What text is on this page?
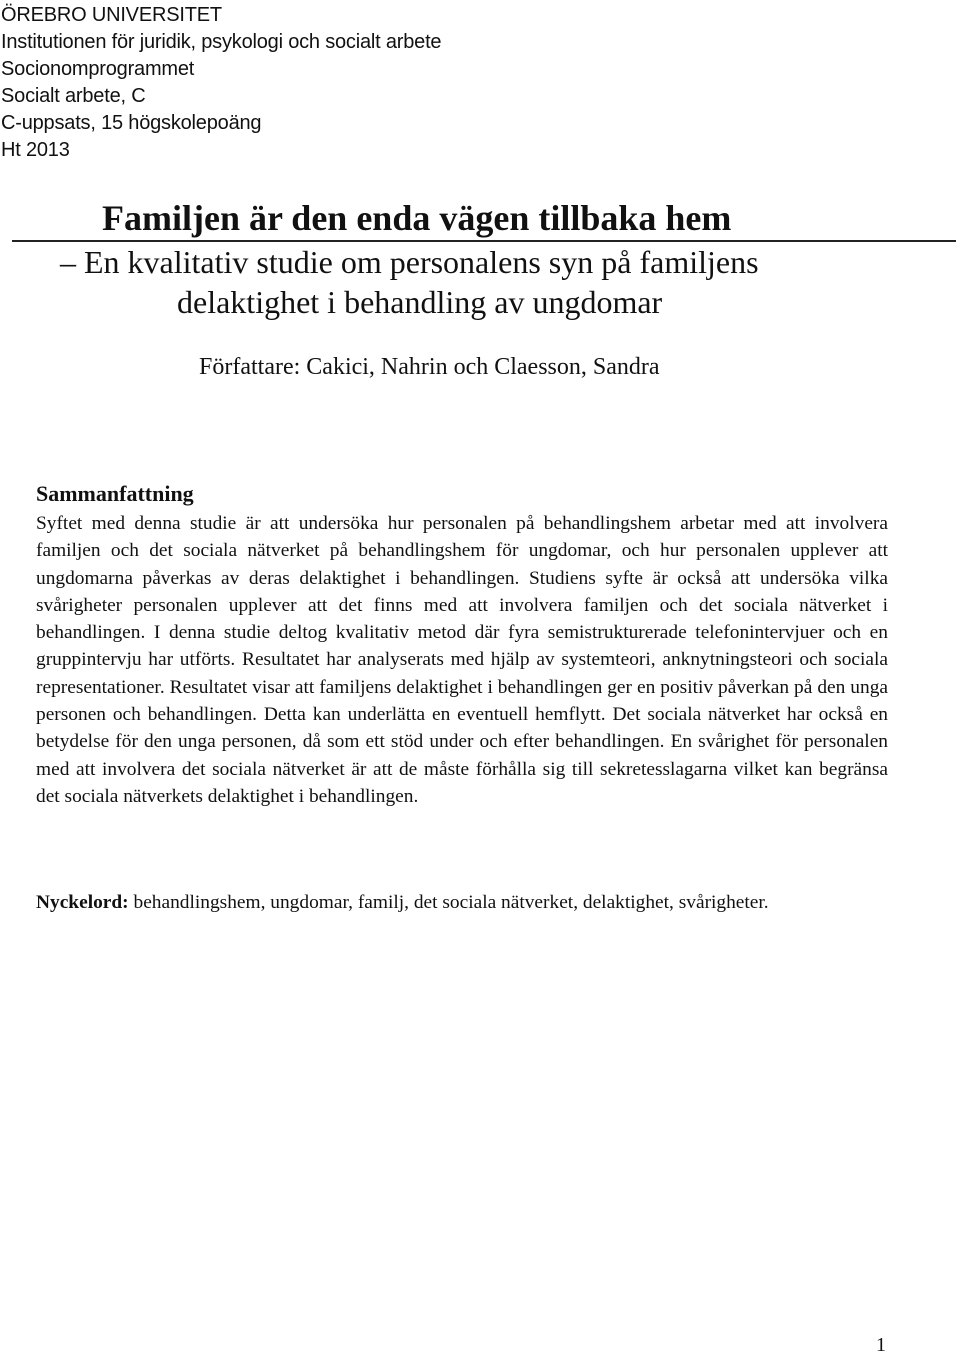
ÖREBRO UNIVERSITET
Institutionen för juridik, psykologi och socialt arbete
Socionomprogrammet
Socialt arbete, C
C-uppsats, 15 högskolepoäng
Ht 2013
Familjen är den enda vägen tillbaka hem
– En kvalitativ studie om personalens syn på familjens
delaktighet i behandling av ungdomar
Författare: Cakici, Nahrin och Claesson, Sandra
Sammanfattning

Syftet med denna studie är att undersöka hur personalen på behandlingshem arbetar med att involvera familjen och det sociala nätverket på behandlingshem för ungdomar, och hur personalen upplever att ungdomarna påverkas av deras delaktighet i behandlingen. Studiens syfte är också att undersöka vilka svårigheter personalen upplever att det finns med att involvera familjen och det sociala nätverket i behandlingen. I denna studie deltog kvalitativ metod där fyra semistrukturerade telefonintervjuer och en gruppintervju har utförts. Resultatet har analyserats med hjälp av systemteori, anknytningsteori och sociala representationer. Resultatet visar att familjens delaktighet i behandlingen ger en positiv påverkan på den unga personen och behandlingen. Detta kan underlätta en eventuell hemflytt. Det sociala nätverket har också en betydelse för den unga personen, då som ett stöd under och efter behandlingen. En svårighet för personalen med att involvera det sociala nätverket är att de måste förhålla sig till sekretesslagarna vilket kan begränsa det sociala nätverkets delaktighet i behandlingen.

Nyckelord: behandlingshem, ungdomar, familj, det sociala nätverket, delaktighet, svårigheter.

1
